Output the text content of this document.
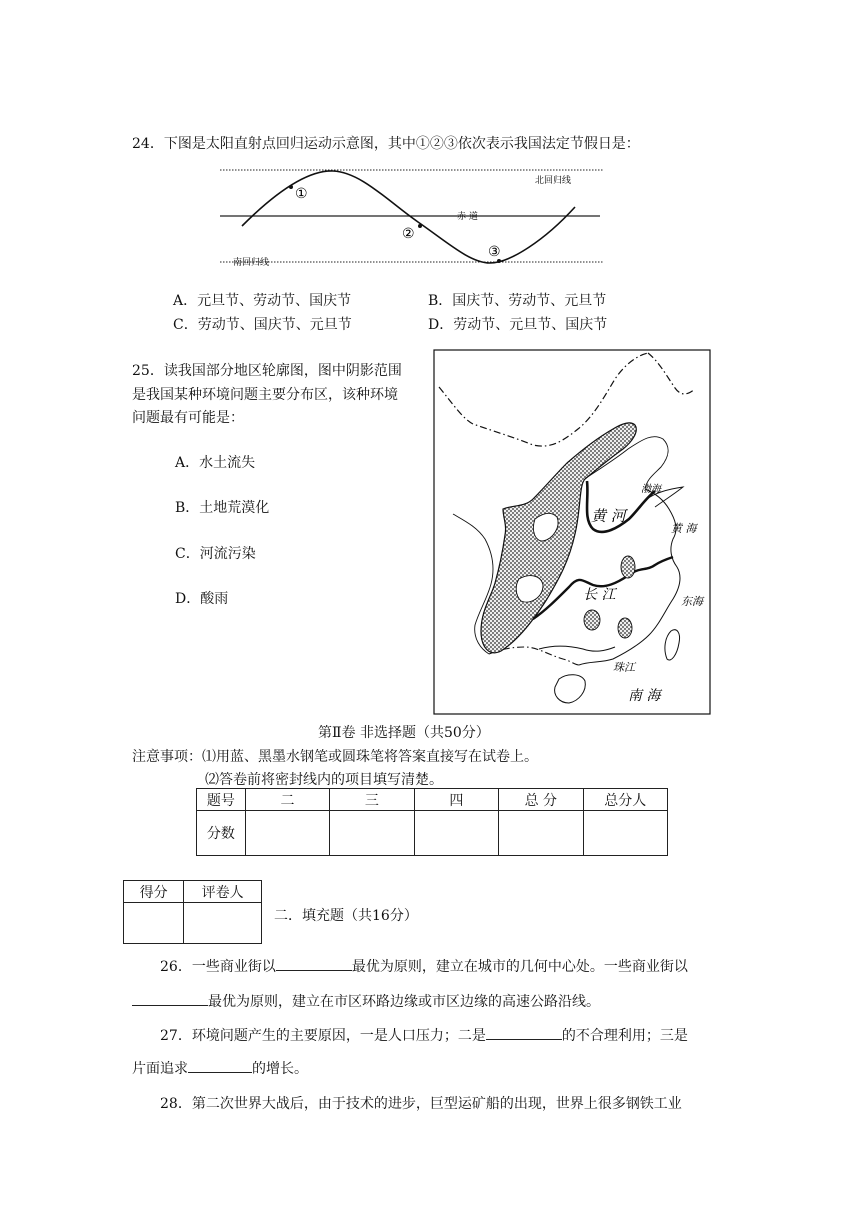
24．下图是太阳直射点回归运动示意图，其中①②③依次表示我国法定节假日是：
①
②
③
北回归线
赤 道
南回归线
A．元旦节、劳动节、国庆节	B．国庆节、劳动节、元旦节
C．劳动节、国庆节、元旦节	D．劳动节、元旦节、国庆节
25．读我国部分地区轮廓图，图中阴影范围
是我国某种环境问题主要分布区，该种环境
问题最有可能是：
A．水土流失
B．土地荒漠化
C．河流污染
D．酸雨
渤海
黄 河
黄 海
长 江	东海
珠江
南 海
第Ⅱ卷 非选择题（共50分）
注意事项：⑴用蓝、黑墨水钢笔或圆珠笔将答案直接写在试卷上。
⑵答卷前将密封线内的项目填写清楚。
题号	二	三	四	总 分	总分人
分数					
得分	评卷人

二．填充题（共16分）
26．一些商业街以	最优为原则，建立在城市的几何中心处。一些商业街以
最优为原则，建立在市区环路边缘或市区边缘的高速公路沿线。
27．环境问题产生的主要原因，一是人口压力；二是	的不合理利用；三是
片面追求	的增长。
28．第二次世界大战后，由于技术的进步，巨型运矿船的出现，世界上很多钢铁工业
